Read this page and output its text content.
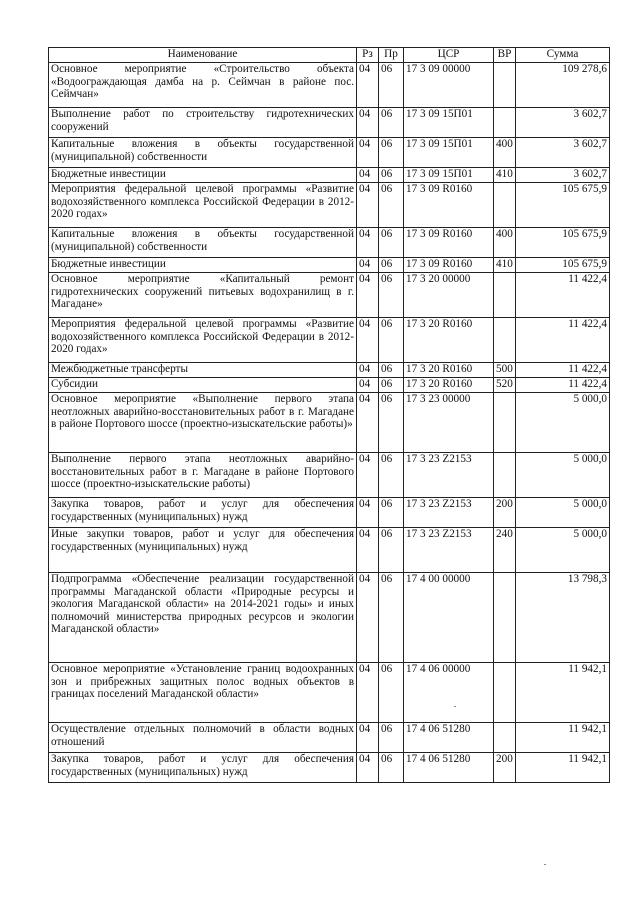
Наименование	Рз	Пр	ЦСР	ВР	Сумма
Основное мероприятие «Строительство объекта «Водоограждающая дамба на р. Сеймчан в районе пос. Сеймчан»	04	06	17 3 09 00000		109 278,6
Выполнение работ по строительству гидротехнических сооружений	04	06	17 3 09 15П01		3 602,7
Капитальные вложения в объекты государственной (муниципальной) собственности	04	06	17 3 09 15П01	400	3 602,7
Бюджетные инвестиции	04	06	17 3 09 15П01	410	3 602,7
Мероприятия федеральной целевой программы «Развитие водохозяйственного комплекса Российской Федерации в 2012-2020 годах»	04	06	17 3 09 R0160		105 675,9
Капитальные вложения в объекты государственной (муниципальной) собственности	04	06	17 3 09 R0160	400	105 675,9
Бюджетные инвестиции	04	06	17 3 09 R0160	410	105 675,9
Основное мероприятие «Капитальный ремонт гидротехнических сооружений питьевых водохранилищ в г. Магадане»	04	06	17 3 20 00000		11 422,4
Мероприятия федеральной целевой программы «Развитие водохозяйственного комплекса Российской Федерации в 2012-2020 годах»	04	06	17 3 20 R0160		11 422,4
Межбюджетные трансферты	04	06	17 3 20 R0160	500	11 422,4
Субсидии	04	06	17 3 20 R0160	520	11 422,4
Основное мероприятие «Выполнение первого этапа неотложных аварийно-восстановительных работ в г. Магадане в районе Портового шоссе (проектно-изыскательские работы)»	04	06	17 3 23 00000		5 000,0
Выполнение первого этапа неотложных аварийно-восстановительных работ в г. Магадане в районе Портового шоссе (проектно-изыскательские работы)	04	06	17 3 23 Z2153		5 000,0
Закупка товаров, работ и услуг для обеспечения государственных (муниципальных) нужд	04	06	17 3 23 Z2153	200	5 000,0
Иные закупки товаров, работ и услуг для обеспечения государственных (муниципальных) нужд	04	06	17 3 23 Z2153	240	5 000,0
Подпрограмма «Обеспечение реализации государственной программы Магаданской области «Природные ресурсы и экология Магаданской области» на 2014-2021 годы» и иных полномочий министерства природных ресурсов и экологии Магаданской области»	04	06	17 4 00 00000		13 798,3
Основное мероприятие «Установление границ водоохранных зон и прибрежных защитных полос водных объектов в границах поселений Магаданской области»	04	06	17 4 06 00000		11 942,1
Осуществление отдельных полномочий в области водных отношений	04	06	17 4 06 51280		11 942,1
Закупка товаров, работ и услуг для обеспечения государственных (муниципальных) нужд	04	06	17 4 06 51280	200	11 942,1
